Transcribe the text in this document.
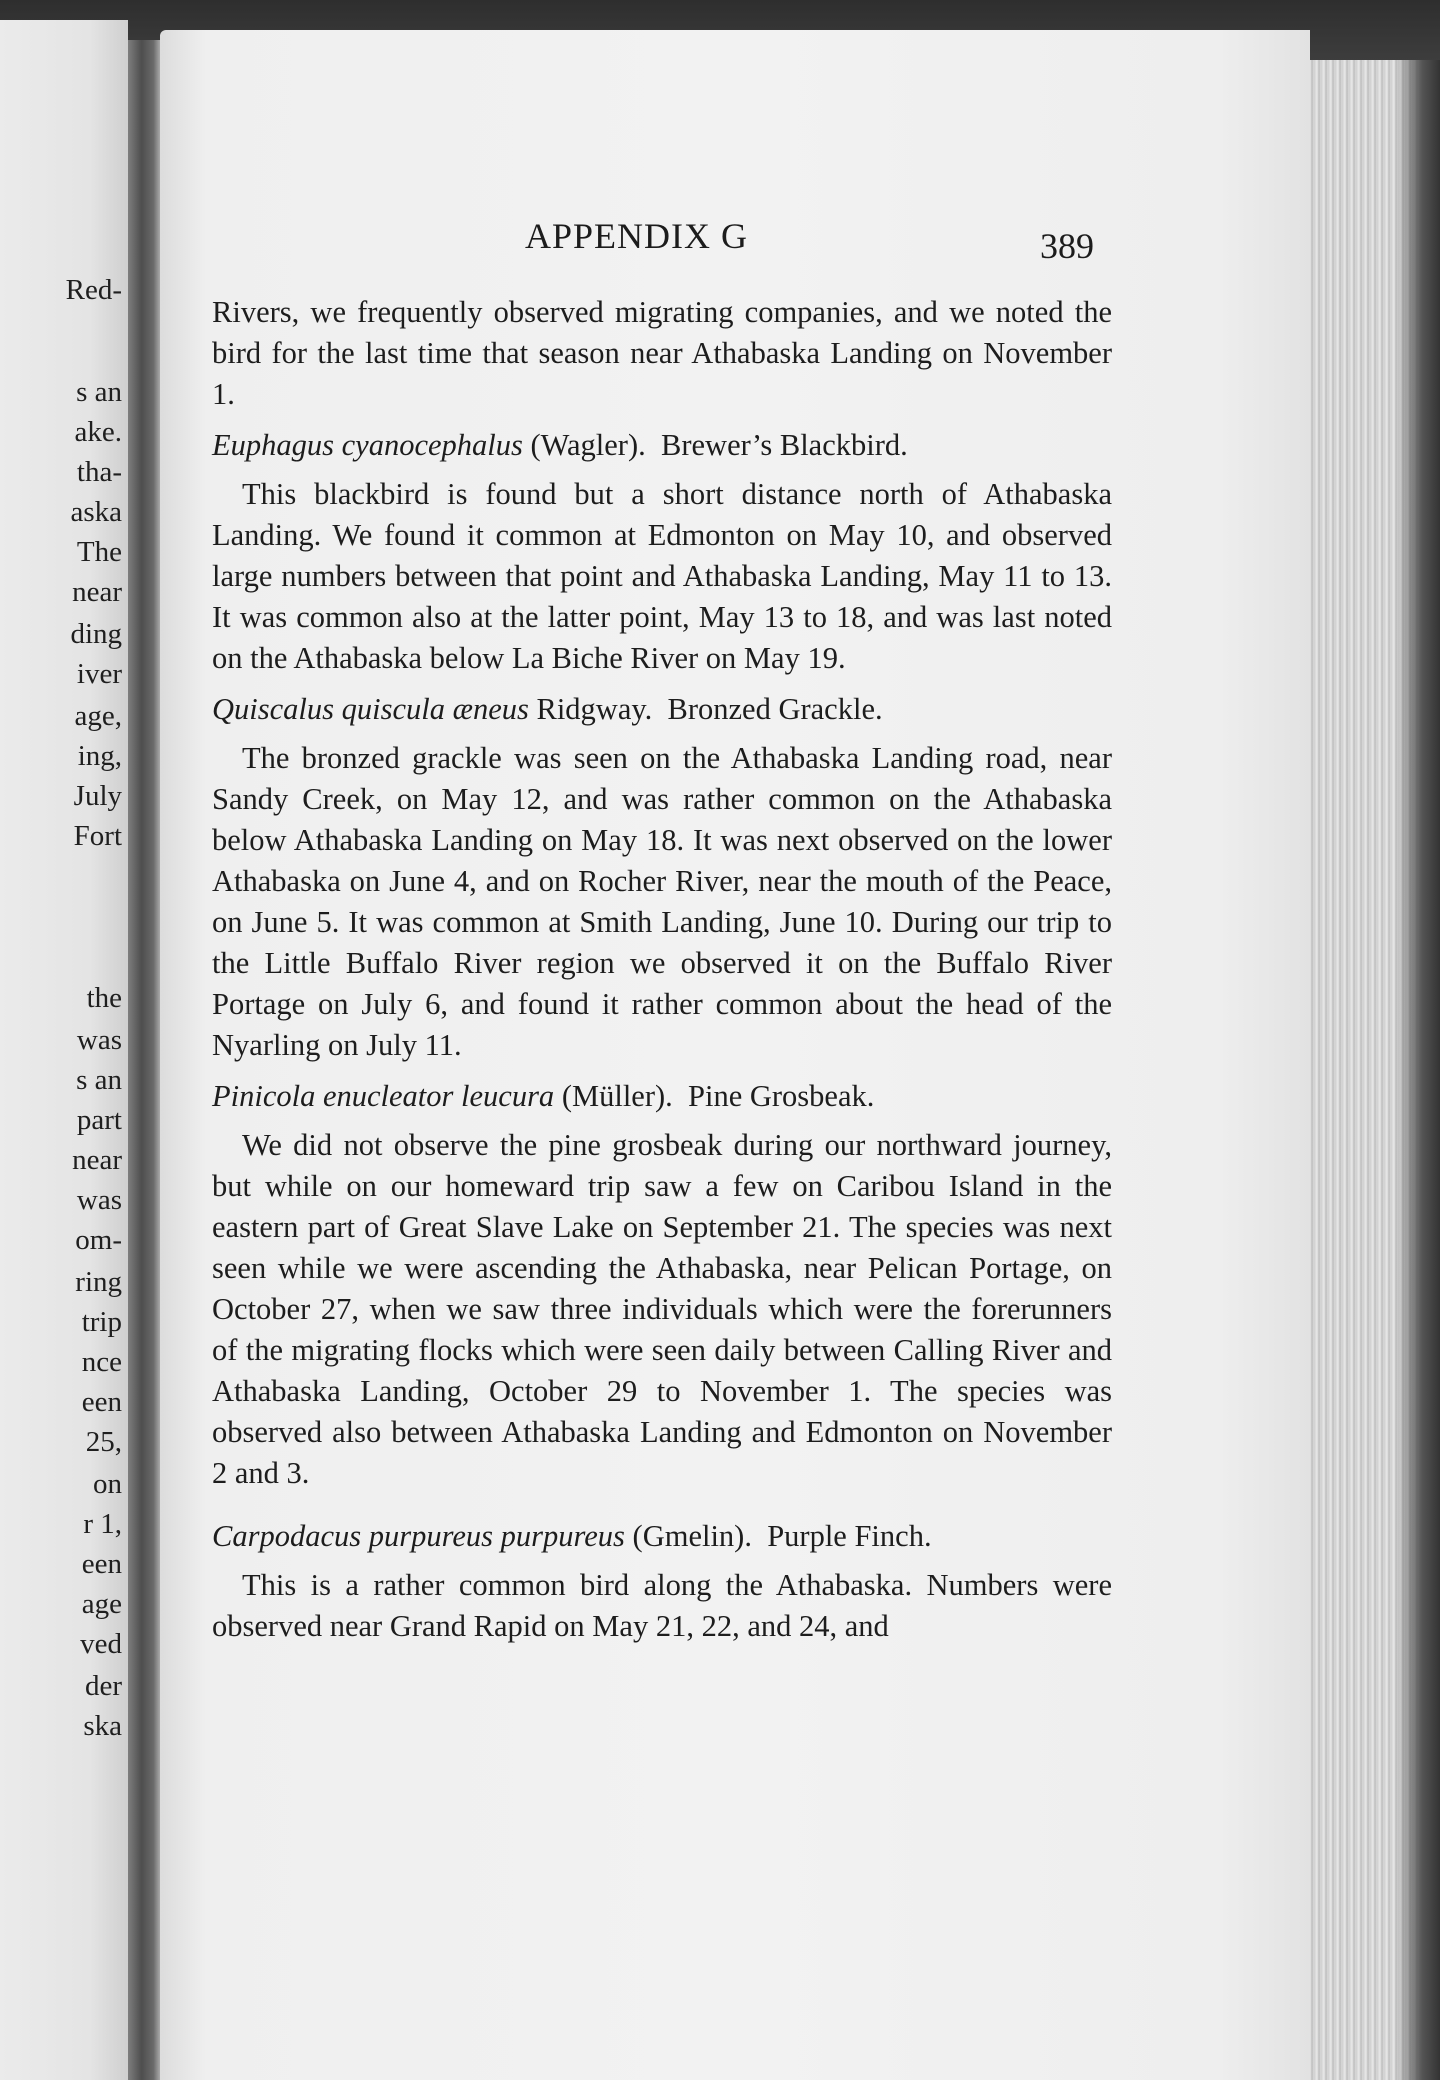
Red-
s an
ake.
tha-
aska
The
near
ding
iver
age,
ing,
July
Fort
the
was
s an
part
near
was
om-
ring
trip
nce
een
25,
on
r 1,
een
age
ved
der
ska
APPENDIX G	389

Rivers, we frequently observed migrating companies, and we noted the bird for the last time that season near Athabaska Landing on November 1.

Euphagus cyanocephalus (Wagler). Brewer’s Blackbird.

This blackbird is found but a short distance north of Athabaska Landing. We found it common at Edmonton on May 10, and observed large numbers between that point and Athabaska Landing, May 11 to 13. It was common also at the latter point, May 13 to 18, and was last noted on the Athabaska below La Biche River on May 19.

Quiscalus quiscula æneus Ridgway. Bronzed Grackle.

The bronzed grackle was seen on the Athabaska Landing road, near Sandy Creek, on May 12, and was rather common on the Athabaska below Athabaska Landing on May 18. It was next observed on the lower Athabaska on June 4, and on Rocher River, near the mouth of the Peace, on June 5. It was common at Smith Landing, June 10. During our trip to the Little Buffalo River region we observed it on the Buffalo River Portage on July 6, and found it rather common about the head of the Nyarling on July 11.

Pinicola enucleator leucura (Müller). Pine Grosbeak.

We did not observe the pine grosbeak during our northward journey, but while on our homeward trip saw a few on Caribou Island in the eastern part of Great Slave Lake on September 21. The species was next seen while we were ascending the Athabaska, near Pelican Portage, on October 27, when we saw three individuals which were the forerunners of the migrating flocks which were seen daily between Calling River and Athabaska Landing, October 29 to November 1. The species was observed also between Athabaska Landing and Edmonton on November 2 and 3.

Carpodacus purpureus purpureus (Gmelin). Purple Finch.

This is a rather common bird along the Athabaska. Numbers were observed near Grand Rapid on May 21, 22, and 24, and
